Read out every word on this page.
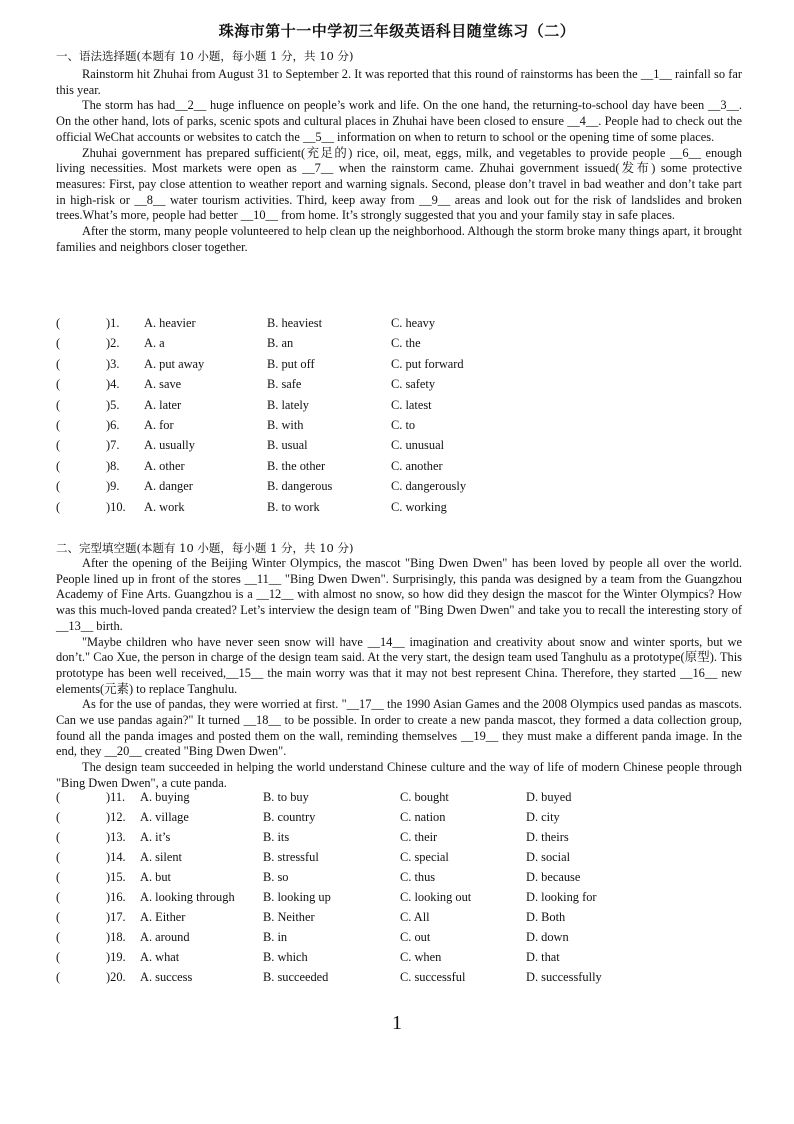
珠海市第十一中学初三年级英语科目随堂练习（二）
一、语法选择题(本题有 10 小题，每小题 1 分，共 10 分)

Rainstorm hit Zhuhai from August 31 to September 2. It was reported that this round of rainstorms has been the __1__ rainfall so far this year.

The storm has had__2__ huge influence on people’s work and life. On the one hand, the returning-to-school day have been __3__. On the other hand, lots of parks, scenic spots and cultural places in Zhuhai have been closed to ensure __4__. People had to check out the official WeChat accounts or websites to catch the __5__ information on when to return to school or the opening time of some places.

Zhuhai government has prepared sufficient(充足的) rice, oil, meat, eggs, milk, and vegetables to provide people __6__ enough living necessities. Most markets were open as __7__ when the rainstorm came. Zhuhai government issued(发布) some protective measures: First, pay close attention to weather report and warning signals. Second, please don’t travel in bad weather and don’t take part in high-risk or __8__ water tourism activities. Third, keep away from __9__ areas and look out for the risk of landslides and broken trees.What’s more, people had better __10__ from home. It’s strongly suggested that you and your family stay in safe places.

After the storm, many people volunteered to help clean up the neighborhood. Although the storm broke many things apart, it brought families and neighbors closer together.

(	)1. A. heavier	B. heaviest	C. heavy
(	)2. A. a	B. an	C. the
(	)3. A. put away	B. put off	C. put forward
(	)4. A. save	B. safe	C. safety
(	)5. A. later	B. lately	C. latest
(	)6. A. for	B. with	C. to
(	)7. A. usually	B. usual	C. unusual
(	)8. A. other	B. the other	C. another
(	)9. A. danger	B. dangerous	C. dangerously
(	)10. A. work	B. to work	C. working
二、完型填空题(本题有 10 小题，每小题 1 分，共 10 分)

After the opening of the Beijing Winter Olympics, the mascot "Bing Dwen Dwen" has been loved by people all over the world. People lined up in front of the stores __11__ "Bing Dwen Dwen". Surprisingly, this panda was designed by a team from the Guangzhou Academy of Fine Arts. Guangzhou is a __12__ with almost no snow, so how did they design the mascot for the Winter Olympics? How was this much-loved panda created? Let’s interview the design team of "Bing Dwen Dwen" and take you to recall the interesting story of __13__ birth.

"Maybe children who have never seen snow will have __14__ imagination and creativity about snow and winter sports, but we don’t." Cao Xue, the person in charge of the design team said. At the very start, the design team used Tanghulu as a prototype(原型). This prototype has been well received,__15__ the main worry was that it may not best represent China. Therefore, they started __16__ new elements(元素) to replace Tanghulu.

As for the use of pandas, they were worried at first. "__17__ the 1990 Asian Games and the 2008 Olympics used pandas as mascots. Can we use pandas again?" It turned __18__ to be possible. In order to create a new panda mascot, they formed a data collection group, found all the panda images and posted them on the wall, reminding themselves __19__ they must make a different panda image. In the end, they __20__ created "Bing Dwen Dwen".

The design team succeeded in helping the world understand Chinese culture and the way of life of modern Chinese people through "Bing Dwen Dwen", a cute panda.

(	)11. A. buying	B. to buy	C. bought	D. buyed
(	)12. A. village	B. country	C. nation	D. city
(	)13. A. it’s	B. its	C. their	D. theirs
(	)14. A. silent	B. stressful	C. special	D. social
(	)15. A. but	B. so	C. thus	D. because
(	)16. A. looking through B. looking up	C. looking out	D. looking for
(	)17. A. Either	B. Neither	C. All	D. Both
(	)18. A. around	B. in	C. out	D. down
(	)19. A. what	B. which	C. when	D. that
(	)20. A. success	B. succeeded	C. successful	D. successfully
1
